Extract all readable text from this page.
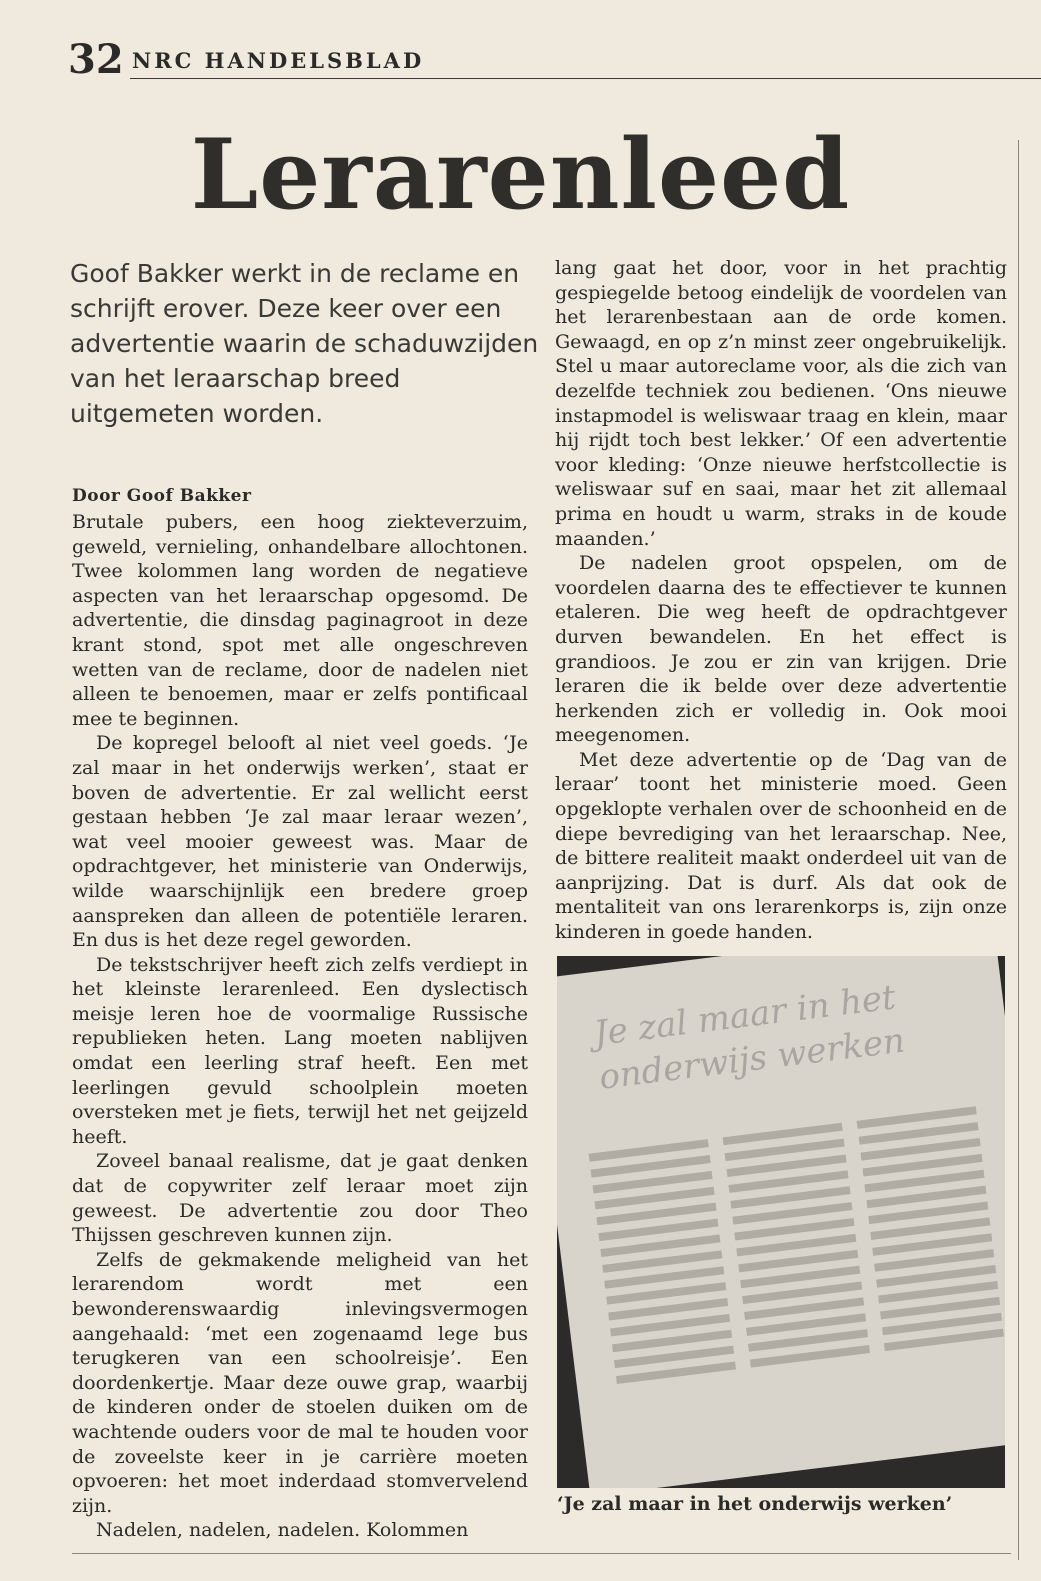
32 NRC HANDELSBLAD
Lerarenleed
Goof Bakker werkt in de reclame en schrijft erover. Deze keer over een advertentie waarin de schaduwzijden van het leraarschap breed uitgemeten worden.
Door Goof Bakker

Brutale pubers, een hoog ziekteverzuim, geweld, vernieling, onhandelbare allochtonen. Twee kolommen lang worden de negatieve aspecten van het leraarschap opgesomd. De advertentie, die dinsdag paginagroot in deze krant stond, spot met alle ongeschreven wetten van de reclame, door de nadelen niet alleen te benoemen, maar er zelfs pontificaal mee te beginnen.

De kopregel belooft al niet veel goeds. ‘Je zal maar in het onderwijs werken’, staat er boven de advertentie. Er zal wellicht eerst gestaan hebben ‘Je zal maar leraar wezen’, wat veel mooier geweest was. Maar de opdrachtgever, het ministerie van Onderwijs, wilde waarschijnlijk een bredere groep aanspreken dan alleen de potentiële leraren. En dus is het deze regel geworden.

De tekstschrijver heeft zich zelfs verdiept in het kleinste lerarenleed. Een dyslectisch meisje leren hoe de voormalige Russische republieken heten. Lang moeten nablijven omdat een leerling straf heeft. Een met leerlingen gevuld schoolplein moeten oversteken met je fiets, terwijl het net geijzeld heeft.

Zoveel banaal realisme, dat je gaat denken dat de copywriter zelf leraar moet zijn geweest. De advertentie zou door Theo Thijssen geschreven kunnen zijn.

Zelfs de gekmakende meligheid van het lerarendom wordt met een bewonderenswaardig inlevingsvermogen aangehaald: ‘met een zogenaamd lege bus terugkeren van een schoolreisje’. Een doordenkertje. Maar deze ouwe grap, waarbij de kinderen onder de stoelen duiken om de wachtende ouders voor de mal te houden voor de zoveelste keer in je carrière moeten opvoeren: het moet inderdaad stomvervelend zijn.

Nadelen, nadelen, nadelen. Kolommen

lang gaat het door, voor in het prachtig gespiegelde betoog eindelijk de voordelen van het lerarenbestaan aan de orde komen. Gewaagd, en op z’n minst zeer ongebruikelijk. Stel u maar autoreclame voor, als die zich van dezelfde techniek zou bedienen. ‘Ons nieuwe instapmodel is weliswaar traag en klein, maar hij rijdt toch best lekker.’ Of een advertentie voor kleding: ‘Onze nieuwe herfstcollectie is weliswaar suf en saai, maar het zit allemaal prima en houdt u warm, straks in de koude maanden.’

De nadelen groot opspelen, om de voordelen daarna des te effectiever te kunnen etaleren. Die weg heeft de opdrachtgever durven bewandelen. En het effect is grandioos. Je zou er zin van krijgen. Drie leraren die ik belde over deze advertentie herkenden zich er volledig in. Ook mooi meegenomen.

Met deze advertentie op de ‘Dag van de leraar’ toont het ministerie moed. Geen opgeklopte verhalen over de schoonheid en de diepe bevrediging van het leraarschap. Nee, de bittere realiteit maakt onderdeel uit van de aanprijzing. Dat is durf. Als dat ook de mentaliteit van ons lerarenkorps is, zijn onze kinderen in goede handen.

Je zal maar in het onderwijs werken
‘Je zal maar in het onderwijs werken’
